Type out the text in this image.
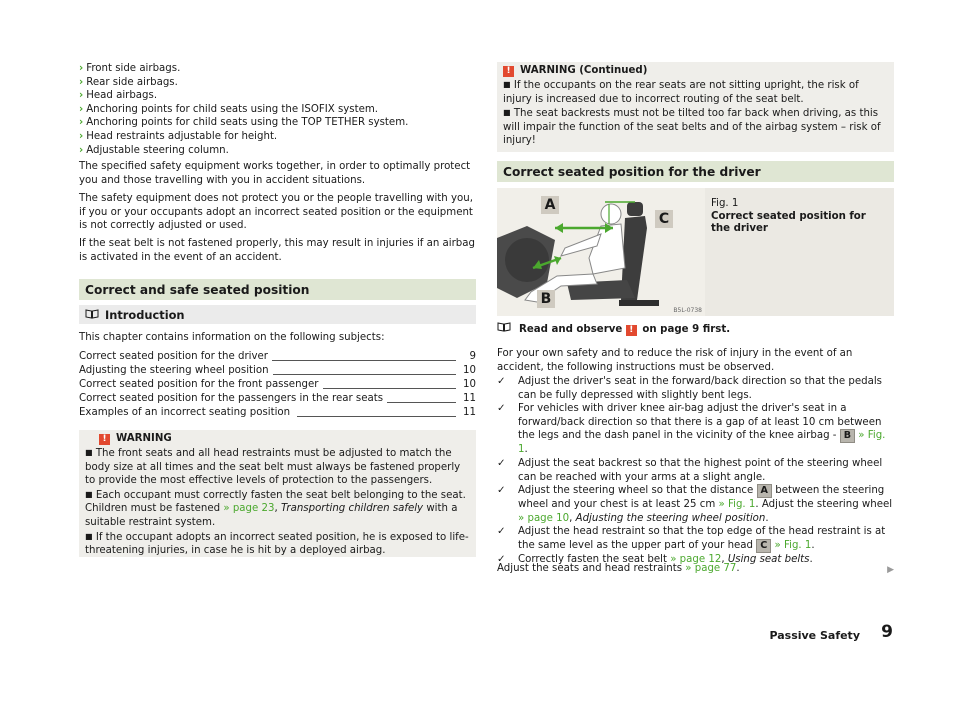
› Front side airbags.
› Rear side airbags.
› Head airbags.
› Anchoring points for child seats using the ISOFIX system.
› Anchoring points for child seats using the TOP TETHER system.
› Head restraints adjustable for height.
› Adjustable steering column.
The specified safety equipment works together, in order to optimally protect you and those travelling with you in accident situations.
The safety equipment does not protect you or the people travelling with you, if you or your occupants adopt an incorrect seated position or the equipment is not correctly adjusted or used.
If the seat belt is not fastened properly, this may result in injuries if an airbag is activated in the event of an accident.
Correct and safe seated position
Introduction
This chapter contains information on the following subjects:
Correct seated position for the driver	9
Adjusting the steering wheel position	10
Correct seated position for the front passenger	10
Correct seated position for the passengers in the rear seats	11
Examples of an incorrect seating position	11
! WARNING
■ The front seats and all head restraints must be adjusted to match the body size at all times and the seat belt must always be fastened properly to provide the most effective levels of protection to the passengers.
■ Each occupant must correctly fasten the seat belt belonging to the seat. Children must be fastened » page 23, Transporting children safely with a suitable restraint system.
■ If the occupant adopts an incorrect seated position, he is exposed to life-threatening injuries, in case he is hit by a deployed airbag.
! WARNING (Continued)
■ If the occupants on the rear seats are not sitting upright, the risk of injury is increased due to incorrect routing of the seat belt.
■ The seat backrests must not be tilted too far back when driving, as this will impair the function of the seat belts and of the airbag system – risk of injury!
Correct seated position for the driver
A
C
B
B5L-0738
Fig. 1
Correct seated position for the driver
Read and observe ! on page 9 first.
For your own safety and to reduce the risk of injury in the event of an accident, the following instructions must be observed.
✓ Adjust the driver's seat in the forward/back direction so that the pedals can be fully depressed with slightly bent legs.
✓ For vehicles with driver knee air-bag adjust the driver's seat in a forward/back direction so that there is a gap of at least 10 cm between the legs and the dash panel in the vicinity of the knee airbag - B » Fig. 1.
✓ Adjust the seat backrest so that the highest point of the steering wheel can be reached with your arms at a slight angle.
✓ Adjust the steering wheel so that the distance A between the steering wheel and your chest is at least 25 cm » Fig. 1. Adjust the steering wheel » page 10, Adjusting the steering wheel position.
✓ Adjust the head restraint so that the top edge of the head restraint is at the same level as the upper part of your head C » Fig. 1.
✓ Correctly fasten the seat belt » page 12, Using seat belts.
Adjust the seats and head restraints » page 77.	▶
Passive Safety 9
